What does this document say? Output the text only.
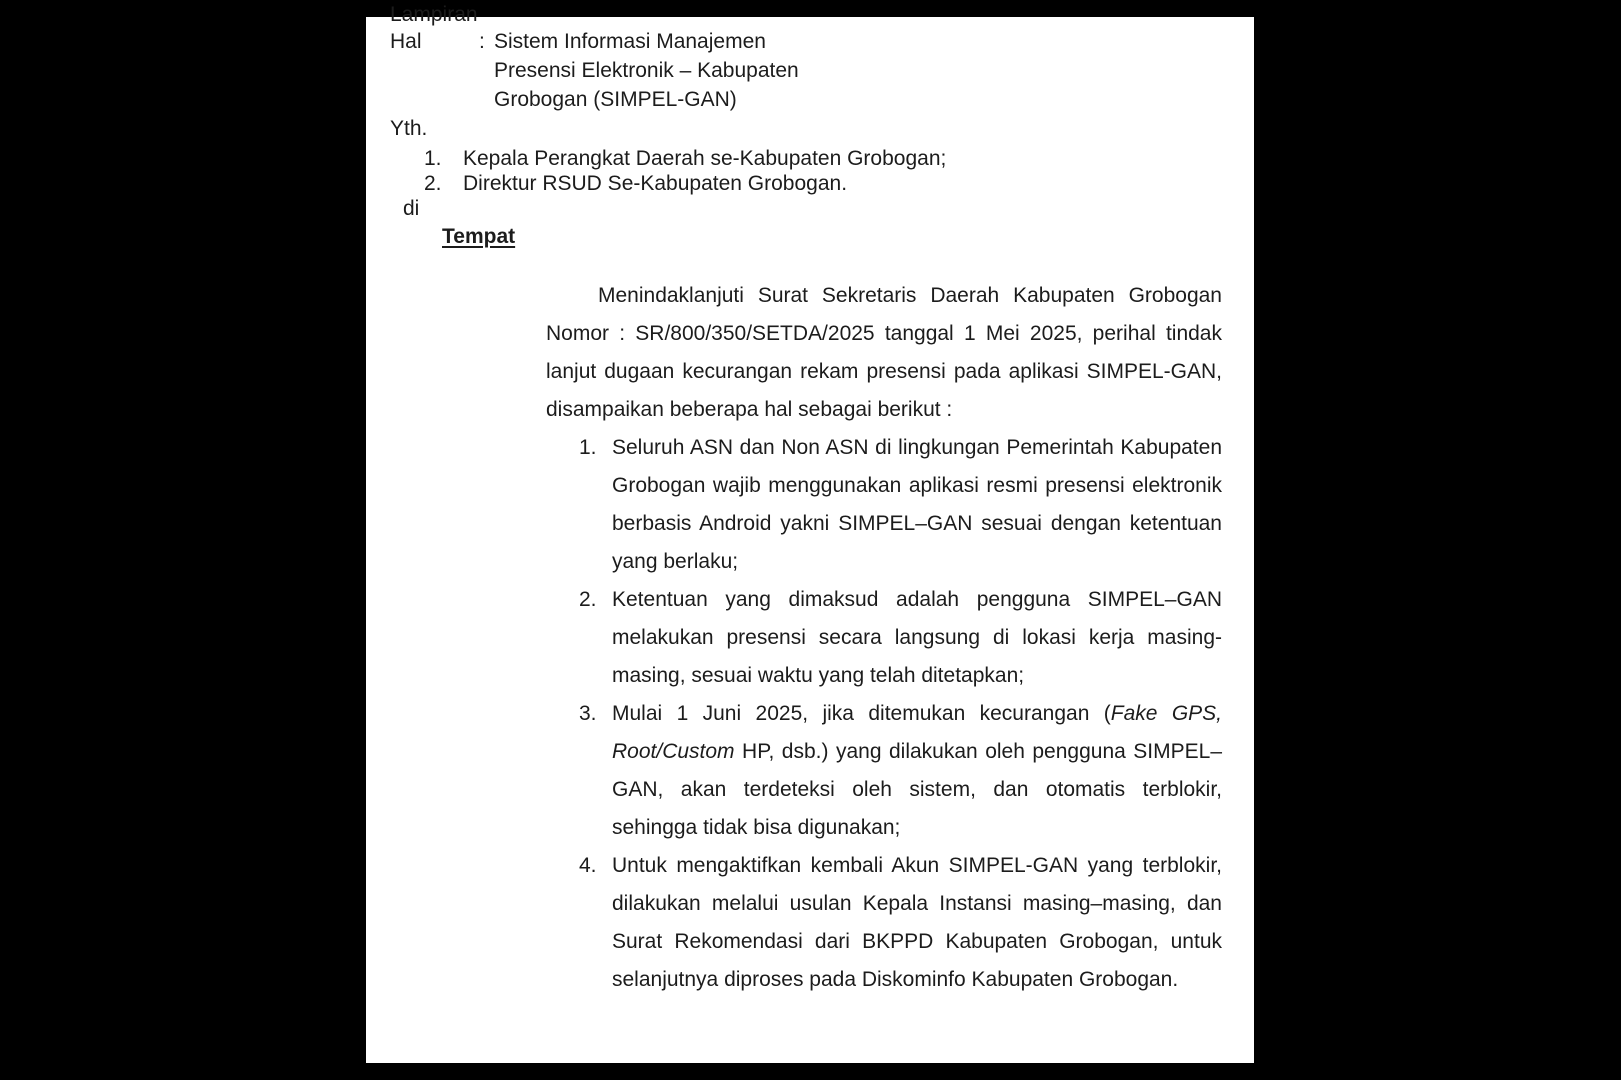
Lampiran
Hal	: Sistem Informasi Manajemen
Presensi Elektronik – Kabupaten
Grobogan (SIMPEL-GAN)
Yth.
1. Kepala Perangkat Daerah se-Kabupaten Grobogan;
2. Direktur RSUD Se-Kabupaten Grobogan.
di
Tempat

Menindaklanjuti Surat Sekretaris Daerah Kabupaten Grobogan Nomor : SR/800/350/SETDA/2025 tanggal 1 Mei 2025, perihal tindak lanjut dugaan kecurangan rekam presensi pada aplikasi SIMPEL-GAN, disampaikan beberapa hal sebagai berikut :

1. Seluruh ASN dan Non ASN di lingkungan Pemerintah Kabupaten Grobogan wajib menggunakan aplikasi resmi presensi elektronik berbasis Android yakni SIMPEL–GAN sesuai dengan ketentuan yang berlaku;

2. Ketentuan yang dimaksud adalah pengguna SIMPEL–GAN melakukan presensi secara langsung di lokasi kerja masing-masing, sesuai waktu yang telah ditetapkan;

3. Mulai 1 Juni 2025, jika ditemukan kecurangan (Fake GPS, Root/Custom HP, dsb.) yang dilakukan oleh pengguna SIMPEL–GAN, akan terdeteksi oleh sistem, dan otomatis terblokir, sehingga tidak bisa digunakan;

4. Untuk mengaktifkan kembali Akun SIMPEL-GAN yang terblokir, dilakukan melalui usulan Kepala Instansi masing–masing, dan Surat Rekomendasi dari BKPPD Kabupaten Grobogan, untuk selanjutnya diproses pada Diskominfo Kabupaten Grobogan.
